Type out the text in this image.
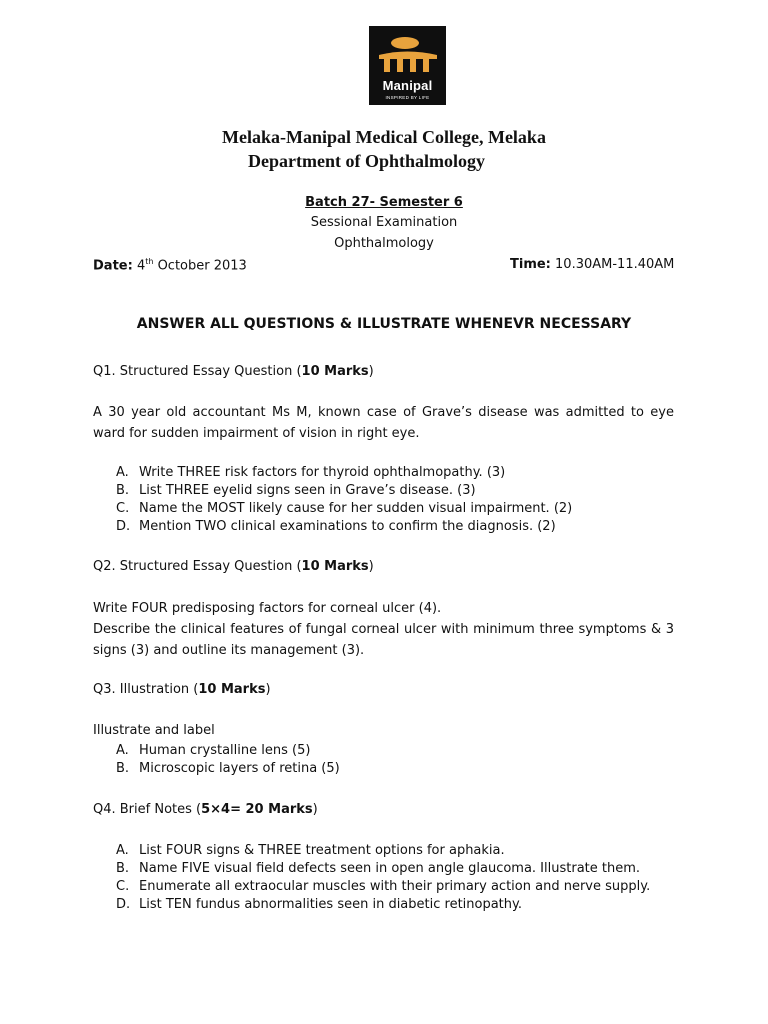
Manipal
INSPIRED BY LIFE
Melaka-Manipal Medical College, Melaka
Department of Ophthalmology
Batch 27- Semester 6
Sessional Examination
Ophthalmology
Date: 4th October 2013	Time: 10.30AM-11.40AM
ANSWER ALL QUESTIONS & ILLUSTRATE WHENEVR NECESSARY
Q1. Structured Essay Question (10 Marks)
A 30 year old accountant Ms M, known case of Grave’s disease was admitted to eye ward for sudden impairment of vision in right eye.
A. Write THREE risk factors for thyroid ophthalmopathy. (3)
B. List THREE eyelid signs seen in Grave’s disease. (3)
C. Name the MOST likely cause for her sudden visual impairment. (2)
D. Mention TWO clinical examinations to confirm the diagnosis. (2)
Q2. Structured Essay Question (10 Marks)
Write FOUR predisposing factors for corneal ulcer (4).
Describe the clinical features of fungal corneal ulcer with minimum three symptoms & 3 signs (3) and outline its management (3).
Q3. Illustration (10 Marks)
Illustrate and label
A. Human crystalline lens (5)
B. Microscopic layers of retina (5)
Q4. Brief Notes (5×4= 20 Marks)
A. List FOUR signs & THREE treatment options for aphakia.
B. Name FIVE visual field defects seen in open angle glaucoma. Illustrate them.
C. Enumerate all extraocular muscles with their primary action and nerve supply.
D. List TEN fundus abnormalities seen in diabetic retinopathy.
